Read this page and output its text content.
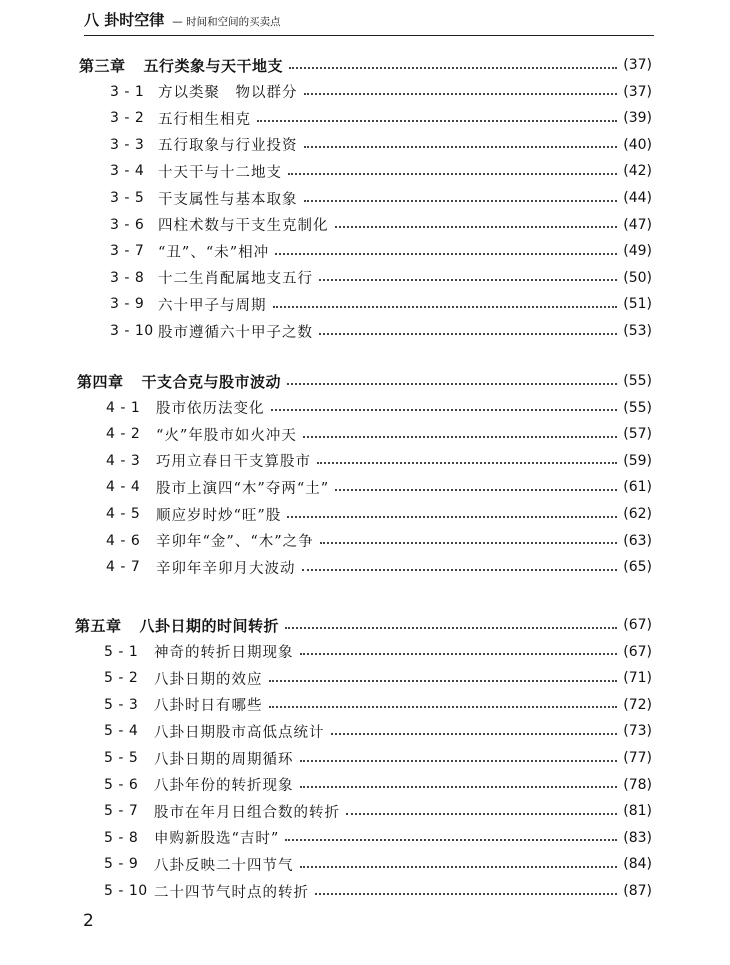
八 卦时空律 — 时间和空间的买卖点
第三章 五行类象与天干地支	(37)
3 - 1 方以类聚　物以群分	(37)
3 - 2 五行相生相克	(39)
3 - 3 五行取象与行业投资	(40)
3 - 4 十天干与十二地支	(42)
3 - 5 干支属性与基本取象	(44)
3 - 6 四柱术数与干支生克制化	(47)
3 - 7 “丑”、“未”相冲	(49)
3 - 8 十二生肖配属地支五行	(50)
3 - 9 六十甲子与周期	(51)
3 - 10 股市遵循六十甲子之数	(53)
第四章 干支合克与股市波动	(55)
4 - 1	股市依历法变化	(55)
4 - 2	“火”年股市如火冲天	(57)
4 - 3	巧用立春日干支算股市	(59)
4 - 4	股市上演四“木”夺两“土”	(61)
4 - 5	顺应岁时炒“旺”股	(62)
4 - 6	辛卯年“金”、“木”之争	(63)
4 - 7	辛卯年辛卯月大波动	(65)
第五章 八卦日期的时间转折	(67)
5 - 1	神奇的转折日期现象	(67)
5 - 2	八卦日期的效应	(71)
5 - 3	八卦时日有哪些	(72)
5 - 4	八卦日期股市高低点统计	(73)
5 - 5	八卦日期的周期循环	(77)
5 - 6	八卦年份的转折现象	(78)
5 - 7	股市在年月日组合数的转折	(81)
5 - 8	申购新股选“吉时”	(83)
5 - 9	八卦反映二十四节气	(84)
5 - 10 二十四节气时点的转折	(87)
2
